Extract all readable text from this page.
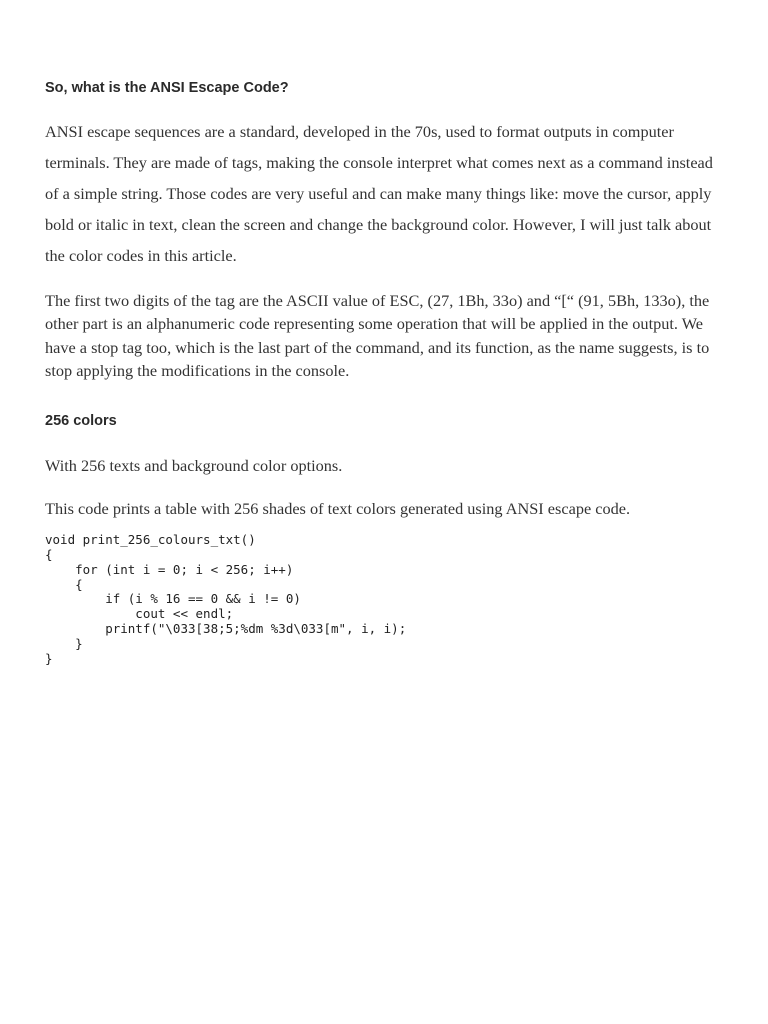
So, what is the ANSI Escape Code?

ANSI escape sequences are a standard, developed in the 70s, used to format outputs in computer terminals. They are made of tags, making the console interpret what comes next as a command instead of a simple string. Those codes are very useful and can make many things like: move the cursor, apply bold or italic in text, clean the screen and change the background color. However, I will just talk about the color codes in this article.

The first two digits of the tag are the ASCII value of ESC, (27, 1Bh, 33o) and “[“ (91, 5Bh, 133o), the other part is an alphanumeric code representing some operation that will be applied in the output. We have a stop tag too, which is the last part of the command, and its function, as the name suggests, is to stop applying the modifications in the console.

256 colors

With 256 texts and background color options.

This code prints a table with 256 shades of text colors generated using ANSI escape code.

void print_256_colours_txt()
{
for (int i = 0; i < 256; i++)
{
if (i % 16 == 0 && i != 0)
cout << endl;
printf("\033[38;5;%dm %3d\033[m", i, i);
}
}
